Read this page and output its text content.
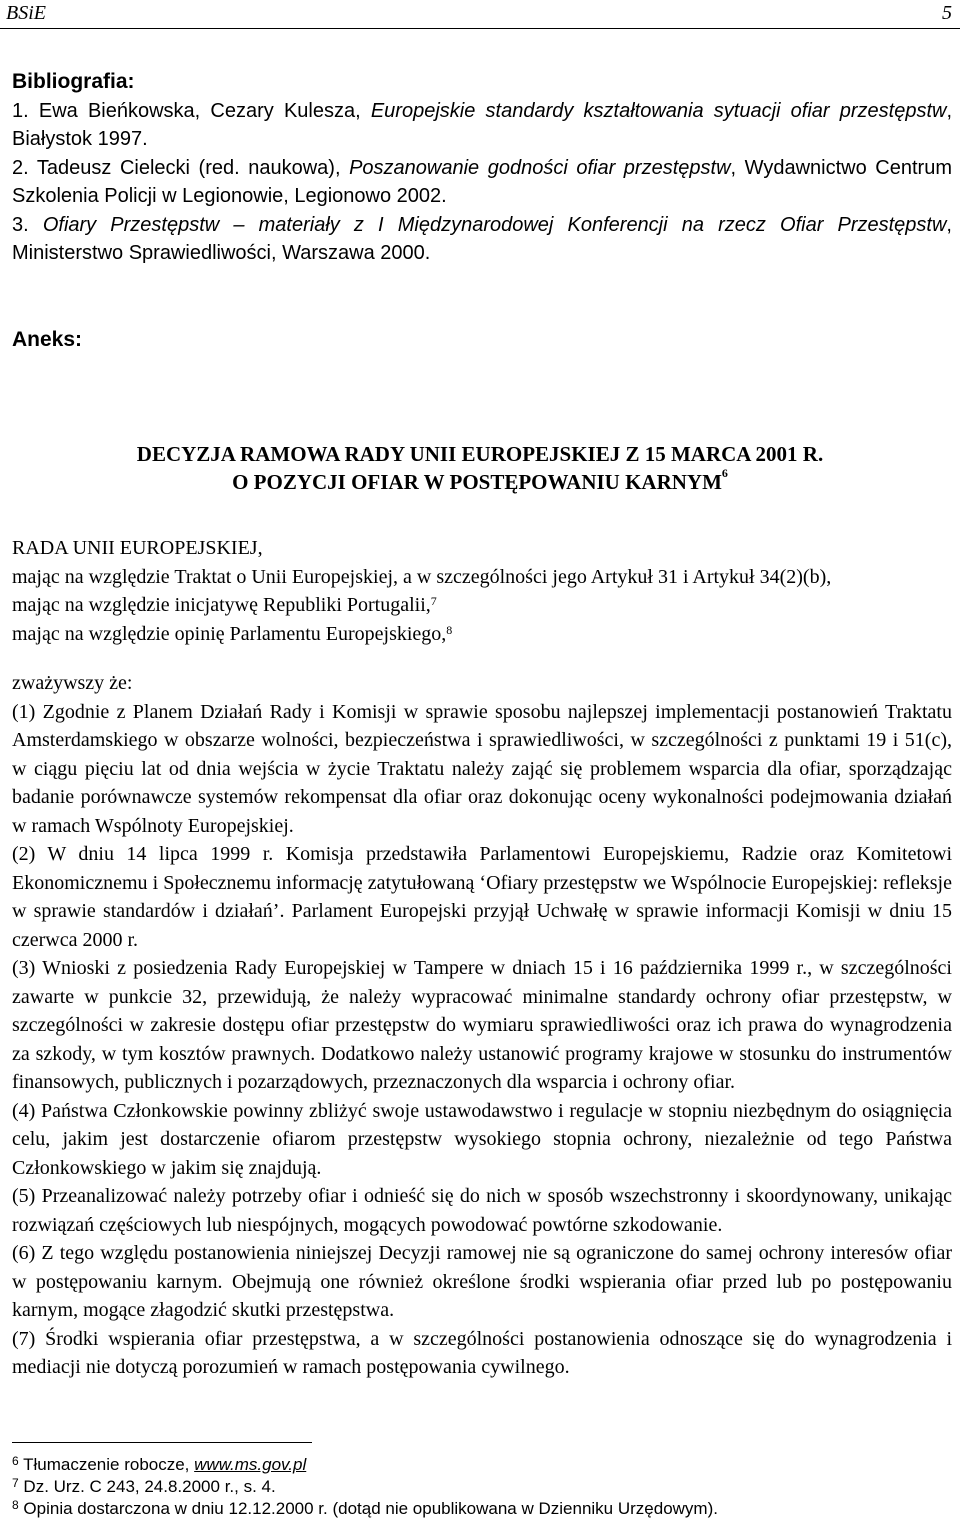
BSiE	5

Bibliografia:

1. Ewa Bieńkowska, Cezary Kulesza, Europejskie standardy kształtowania sytuacji ofiar przestępstw, Białystok 1997.

2. Tadeusz Cielecki (red. naukowa), Poszanowanie godności ofiar przestępstw, Wydawnictwo Centrum Szkolenia Policji w Legionowie, Legionowo 2002.

3. Ofiary Przestępstw – materiały z I Międzynarodowej Konferencji na rzecz Ofiar Przestępstw, Ministerstwo Sprawiedliwości, Warszawa 2000.

Aneks:
DECYZJA RAMOWA RADY UNII EUROPEJSKIEJ Z 15 MARCA 2001 R.
O POZYCJI OFIAR W POSTĘPOWANIU KARNYM$^6$

RADA UNII EUROPEJSKIEJ,

mając na względzie Traktat o Unii Europejskiej, a w szczególności jego Artykuł 31 i Artykuł 34(2)(b),

mając na względzie inicjatywę Republiki Portugalii,$^7$

mając na względzie opinię Parlamentu Europejskiego,$^8$

zważywszy że:

(1) Zgodnie z Planem Działań Rady i Komisji w sprawie sposobu najlepszej implementacji postanowień Traktatu Amsterdamskiego w obszarze wolności, bezpieczeństwa i sprawiedliwości, w szczególności z punktami 19 i 51(c), w ciągu pięciu lat od dnia wejścia w życie Traktatu należy zająć się problemem wsparcia dla ofiar, sporządzając badanie porównawcze systemów rekompensat dla ofiar oraz dokonując oceny wykonalności podejmowania działań w ramach Wspólnoty Europejskiej.

(2) W dniu 14 lipca 1999 r. Komisja przedstawiła Parlamentowi Europejskiemu, Radzie oraz Komitetowi Ekonomicznemu i Społecznemu informację zatytułowaną ‘Ofiary przestępstw we Wspólnocie Europejskiej: refleksje w sprawie standardów i działań’. Parlament Europejski przyjął Uchwałę w sprawie informacji Komisji w dniu 15 czerwca 2000 r.

(3) Wnioski z posiedzenia Rady Europejskiej w Tampere w dniach 15 i 16 października 1999 r., w szczególności zawarte w punkcie 32, przewidują, że należy wypracować minimalne standardy ochrony ofiar przestępstw, w szczególności w zakresie dostępu ofiar przestępstw do wymiaru sprawiedliwości oraz ich prawa do wynagrodzenia za szkody, w tym kosztów prawnych. Dodatkowo należy ustanowić programy krajowe w stosunku do instrumentów finansowych, publicznych i pozarządowych, przeznaczonych dla wsparcia i ochrony ofiar.

(4) Państwa Członkowskie powinny zbliżyć swoje ustawodawstwo i regulacje w stopniu niezbędnym do osiągnięcia celu, jakim jest dostarczenie ofiarom przestępstw wysokiego stopnia ochrony, niezależnie od tego Państwa Członkowskiego w jakim się znajdują.

(5) Przeanalizować należy potrzeby ofiar i odnieść się do nich w sposób wszechstronny i skoordynowany, unikając rozwiązań częściowych lub niespójnych, mogących powodować powtórne szkodowanie.

(6) Z tego względu postanowienia niniejszej Decyzji ramowej nie są ograniczone do samej ochrony interesów ofiar w postępowaniu karnym. Obejmują one również określone środki wspierania ofiar przed lub po postępowaniu karnym, mogące złagodzić skutki przestępstwa.

(7) Środki wspierania ofiar przestępstwa, a w szczególności postanowienia odnoszące się do wynagrodzenia i mediacji nie dotyczą porozumień w ramach postępowania cywilnego.

$^6$ Tłumaczenie robocze, www.ms.gov.pl
$^7$ Dz. Urz. C 243, 24.8.2000 r., s. 4.
$^8$ Opinia dostarczona w dniu 12.12.2000 r. (dotąd nie opublikowana w Dzienniku Urzędowym).
